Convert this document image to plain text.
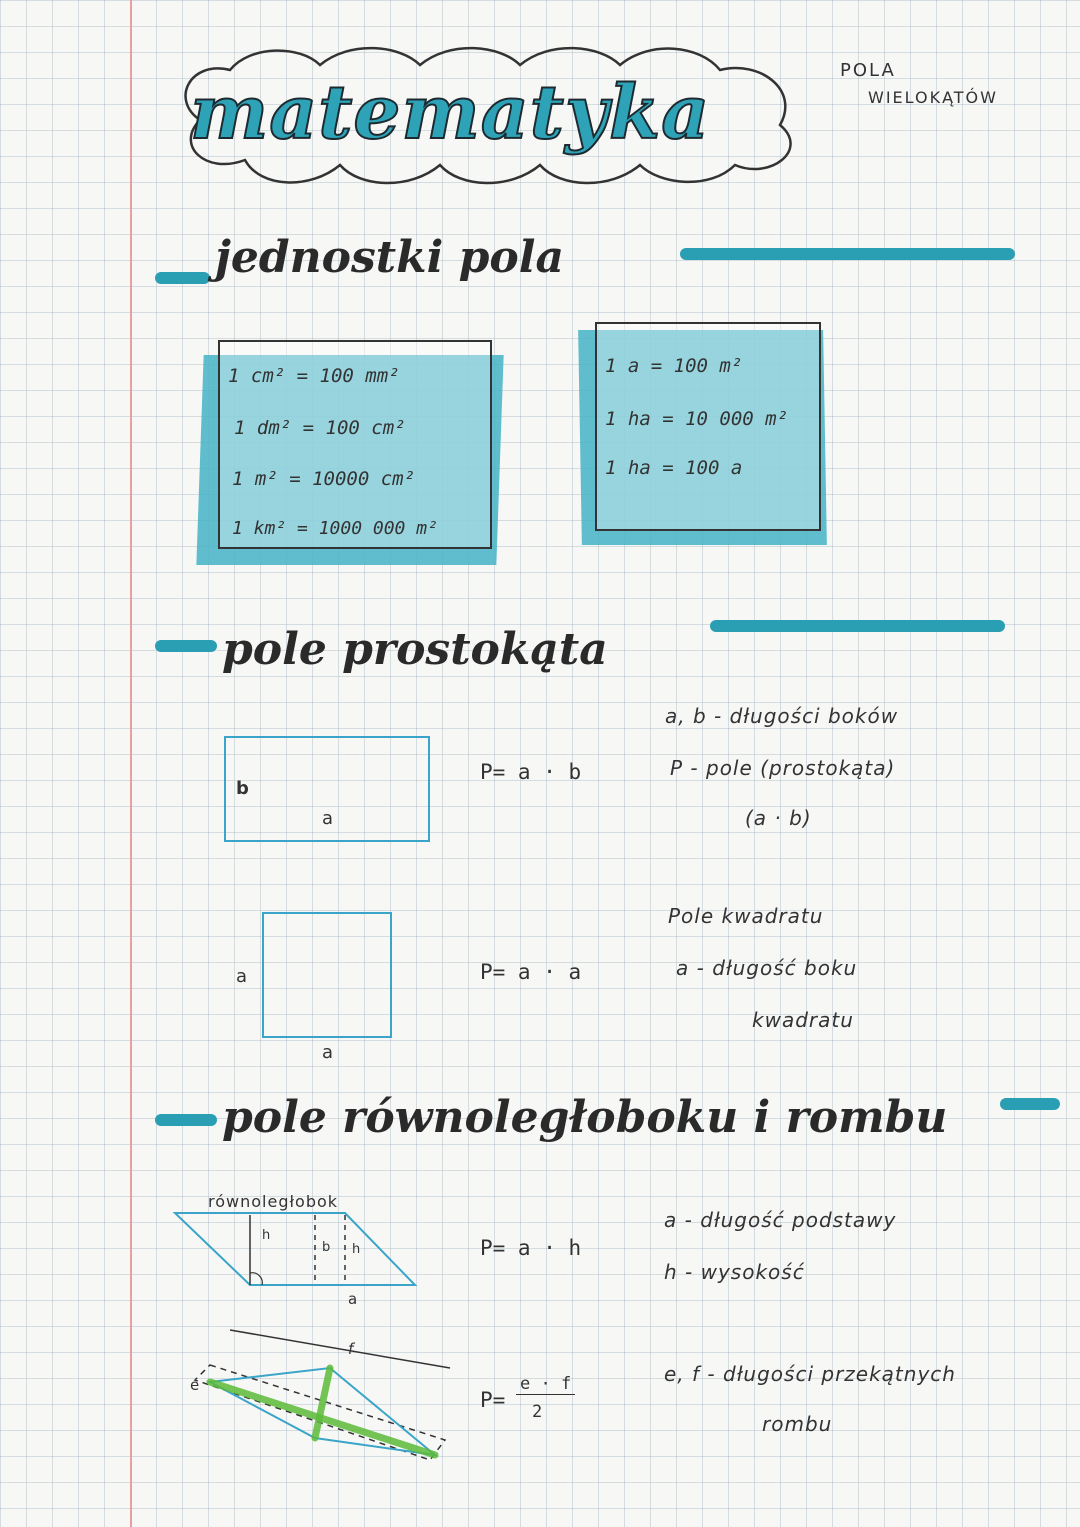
matematyka	POLA
WIELOKĄTÓW
jednostki pola
1 cm² = 100 mm²
1 dm² = 100 cm²
1 m² = 10000 cm²
1 km² = 1000 000 m²
1 a = 100 m²
1 ha = 10 000 m²
1 ha = 100 a
pole prostokąta
b
a
P= a · b
a, b - długości boków
P - pole (prostokąta)
(a · b)
a
a
P= a · a
Pole kwadratu
a - długość boku
kwadratu
pole równoległoboku i rombu
równoległobok
h
b h
a
P= a · h
a - długość podstawy
h - wysokość
e
f
P=
e · f
2
e, f - długości przekątnych
rombu
